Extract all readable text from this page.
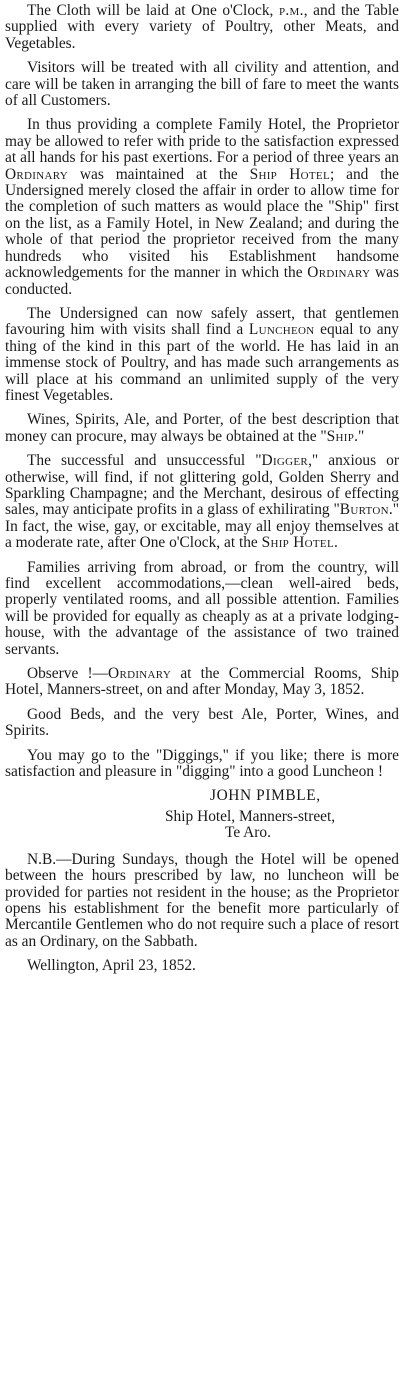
The Cloth will be laid at One o'Clock, p.m., and the Table supplied with every variety of Poultry, other Meats, and Vegetables.

Visitors will be treated with all civility and attention, and care will be taken in arranging the bill of fare to meet the wants of all Customers.

In thus providing a complete Family Hotel, the Proprietor may be allowed to refer with pride to the satisfaction expressed at all hands for his past exertions. For a period of three years an Ordinary was maintained at the Ship Hotel; and the Undersigned merely closed the affair in order to allow time for the completion of such matters as would place the "Ship" first on the list, as a Family Hotel, in New Zealand; and during the whole of that period the proprietor received from the many hundreds who visited his Establishment handsome acknowledgements for the manner in which the Ordinary was conducted.

The Undersigned can now safely assert, that gentlemen favouring him with visits shall find a Luncheon equal to any thing of the kind in this part of the world. He has laid in an immense stock of Poultry, and has made such arrangements as will place at his command an unlimited supply of the very finest Vegetables.

Wines, Spirits, Ale, and Porter, of the best description that money can procure, may always be obtained at the "Ship."

The successful and unsuccessful "Digger," anxious or otherwise, will find, if not glittering gold, Golden Sherry and Sparkling Champagne; and the Merchant, desirous of effecting sales, may anticipate profits in a glass of exhilirating "Burton." In fact, the wise, gay, or excitable, may all enjoy themselves at a moderate rate, after One o'Clock, at the Ship Hotel.

Families arriving from abroad, or from the country, will find excellent accommodations,—clean well-aired beds, properly ventilated rooms, and all possible attention. Families will be provided for equally as cheaply as at a private lodging-house, with the advantage of the assistance of two trained servants.

Observe !—Ordinary at the Commercial Rooms, Ship Hotel, Manners-street, on and after Monday, May 3, 1852.

Good Beds, and the very best Ale, Porter, Wines, and Spirits.

You may go to the "Diggings," if you like; there is more satisfaction and pleasure in "digging" into a good Luncheon !

JOHN PIMBLE,
Ship Hotel, Manners-street,
Te Aro.

N.B.—During Sundays, though the Hotel will be opened between the hours prescribed by law, no luncheon will be provided for parties not resident in the house; as the Proprietor opens his establishment for the benefit more particularly of Mercantile Gentlemen who do not require such a place of resort as an Ordinary, on the Sabbath.

Wellington, April 23, 1852.
